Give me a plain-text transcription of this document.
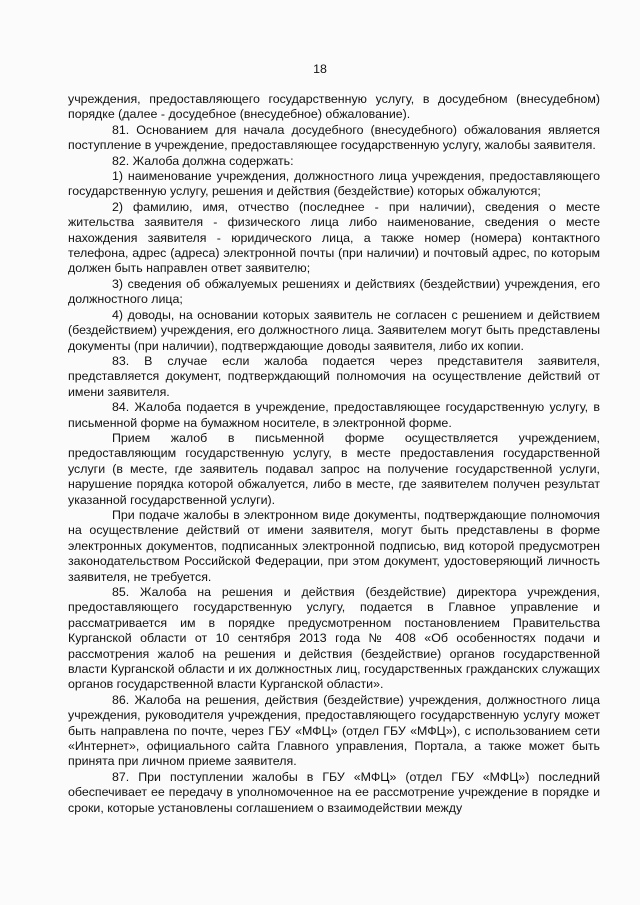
18

учреждения, предоставляющего государственную услугу, в досудебном (внесудебном) порядке (далее - досудебное (внесудебное) обжалование).

81. Основанием для начала досудебного (внесудебного) обжалования является поступление в учреждение, предоставляющее государственную услугу, жалобы заявителя.

82. Жалоба должна содержать:

1) наименование учреждения, должностного лица учреждения, предоставляющего государственную услугу, решения и действия (бездействие) которых обжалуются;

2) фамилию, имя, отчество (последнее - при наличии), сведения о месте жительства заявителя - физического лица либо наименование, сведения о месте нахождения заявителя - юридического лица, а также номер (номера) контактного телефона, адрес (адреса) электронной почты (при наличии) и почтовый адрес, по которым должен быть направлен ответ заявителю;

3) сведения об обжалуемых решениях и действиях (бездействии) учреждения, его должностного лица;

4) доводы, на основании которых заявитель не согласен с решением и действием (бездействием) учреждения, его должностного лица. Заявителем могут быть представлены документы (при наличии), подтверждающие доводы заявителя, либо их копии.

83. В случае если жалоба подается через представителя заявителя, представляется документ, подтверждающий полномочия на осуществление действий от имени заявителя.

84. Жалоба подается в учреждение, предоставляющее государственную услугу, в письменной форме на бумажном носителе, в электронной форме.

Прием жалоб в письменной форме осуществляется учреждением, предоставляющим государственную услугу, в месте предоставления государственной услуги (в месте, где заявитель подавал запрос на получение государственной услуги, нарушение порядка которой обжалуется, либо в месте, где заявителем получен результат указанной государственной услуги).

При подаче жалобы в электронном виде документы, подтверждающие полномочия на осуществление действий от имени заявителя, могут быть представлены в форме электронных документов, подписанных электронной подписью, вид которой предусмотрен законодательством Российской Федерации, при этом документ, удостоверяющий личность заявителя, не требуется.

85. Жалоба на решения и действия (бездействие) директора учреждения, предоставляющего государственную услугу, подается в Главное управление и рассматривается им в порядке предусмотренном постановлением Правительства Курганской области от 10 сентября 2013 года № 408 «Об особенностях подачи и рассмотрения жалоб на решения и действия (бездействие) органов государственной власти Курганской области и их должностных лиц, государственных гражданских служащих органов государственной власти Курганской области».

86. Жалоба на решения, действия (бездействие) учреждения, должностного лица учреждения, руководителя учреждения, предоставляющего государственную услугу может быть направлена по почте, через ГБУ «МФЦ» (отдел ГБУ «МФЦ»), с использованием сети «Интернет», официального сайта Главного управления, Портала, а также может быть принята при личном приеме заявителя.

87. При поступлении жалобы в ГБУ «МФЦ» (отдел ГБУ «МФЦ») последний обеспечивает ее передачу в уполномоченное на ее рассмотрение учреждение в порядке и сроки, которые установлены соглашением о взаимодействии между
